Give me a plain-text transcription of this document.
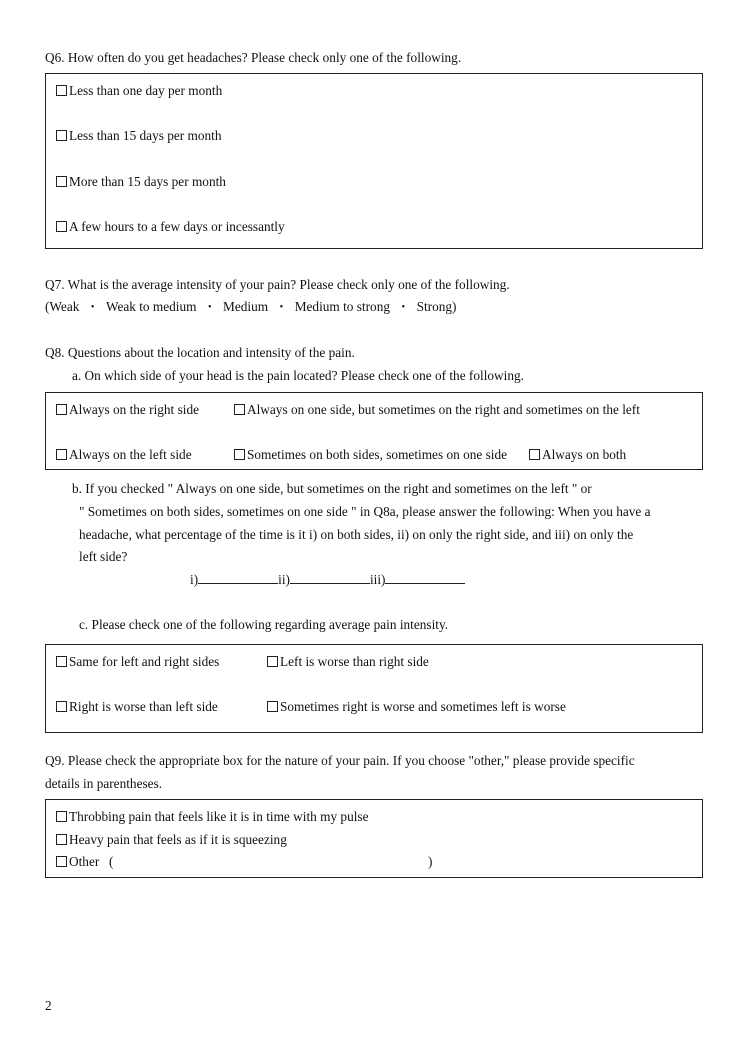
Q6. How often do you get headaches? Please check only one of the following.
Less than one day per month
Less than 15 days per month
More than 15 days per month
A few hours to a few days or incessantly
Q7. What is the average intensity of your pain? Please check only one of the following.
(Weak  ・  Weak to medium  ・  Medium  ・  Medium to strong  ・  Strong)
Q8. Questions about the location and intensity of the pain.
a. On which side of your head is the pain located? Please check one of the following.
Always on the right side	Always on one side, but sometimes on the right and sometimes on the left
Always on the left side	Sometimes on both sides, sometimes on one side	Always on both
b. If you checked " Always on one side, but sometimes on the right and sometimes on the left " or
" Sometimes on both sides, sometimes on one side " in Q8a, please answer the following: When you have a
headache, what percentage of the time is it i) on both sides, ii) on only the right side, and iii) on only the
left side?
i)	ii)	iii)
c. Please check one of the following regarding average pain intensity.
Same for left and right sides	Left is worse than right side
Right is worse than left side	Sometimes right is worse and sometimes left is worse
Q9. Please check the appropriate box for the nature of your pain. If you choose "other," please provide specific
details in parentheses.
Throbbing pain that feels like it is in time with my pulse
Heavy pain that feels as if it is squeezing
Other (	)
2
